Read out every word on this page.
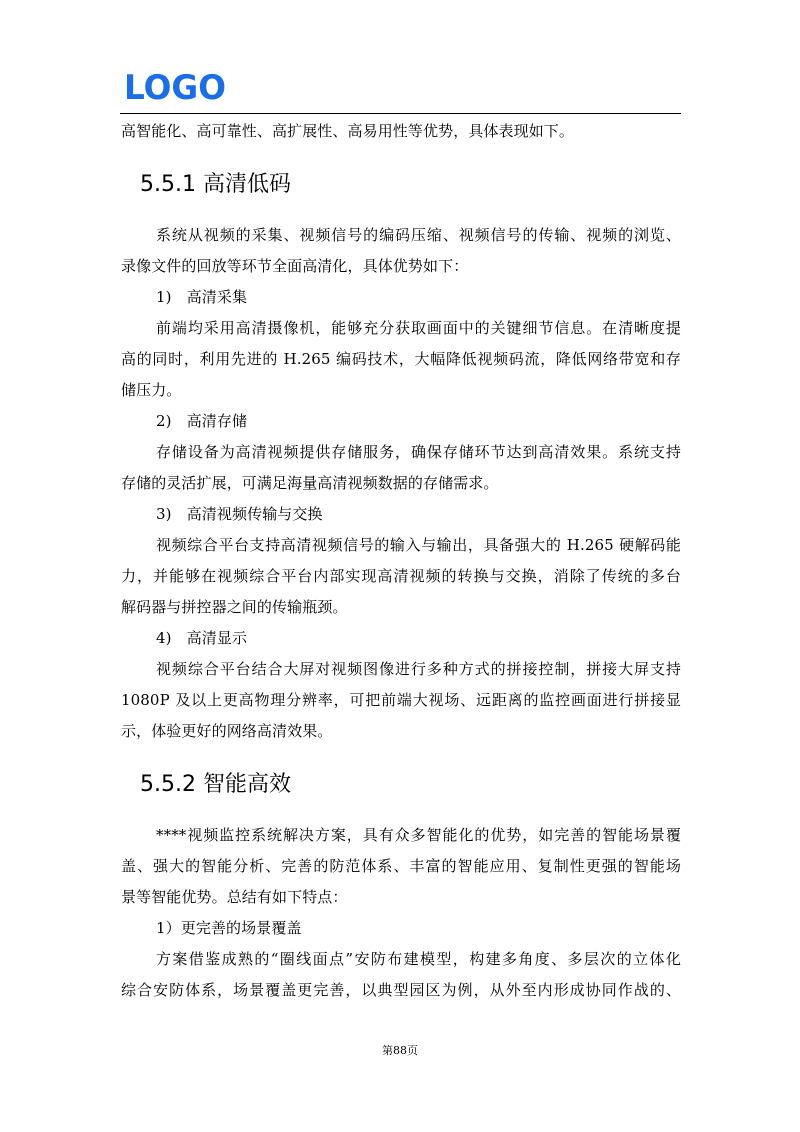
LOGO
高智能化、高可靠性、高扩展性、高易用性等优势，具体表现如下。
5.5.1 高清低码
系统从视频的采集、视频信号的编码压缩、视频信号的传输、视频的浏览、
录像文件的回放等环节全面高清化，具体优势如下：
1)　高清采集
前端均采用高清摄像机，能够充分获取画面中的关键细节信息。在清晰度提
高的同时，利用先进的 H.265 编码技术，大幅降低视频码流，降低网络带宽和存
储压力。
2)　高清存储
存储设备为高清视频提供存储服务，确保存储环节达到高清效果。系统支持
存储的灵活扩展，可满足海量高清视频数据的存储需求。
3)　高清视频传输与交换
视频综合平台支持高清视频信号的输入与输出，具备强大的 H.265 硬解码能
力，并能够在视频综合平台内部实现高清视频的转换与交换，消除了传统的多台
解码器与拼控器之间的传输瓶颈。
4)　高清显示
视频综合平台结合大屏对视频图像进行多种方式的拼接控制，拼接大屏支持
1080P 及以上更高物理分辨率，可把前端大视场、远距离的监控画面进行拼接显
示，体验更好的网络高清效果。
5.5.2 智能高效
****视频监控系统解决方案，具有众多智能化的优势，如完善的智能场景覆
盖、强大的智能分析、完善的防范体系、丰富的智能应用、复制性更强的智能场
景等智能优势。总结有如下特点：
1）更完善的场景覆盖
方案借鉴成熟的“圈线面点”安防布建模型，构建多角度、多层次的立体化
综合安防体系，场景覆盖更完善，以典型园区为例，从外至内形成协同作战的、
第88页
